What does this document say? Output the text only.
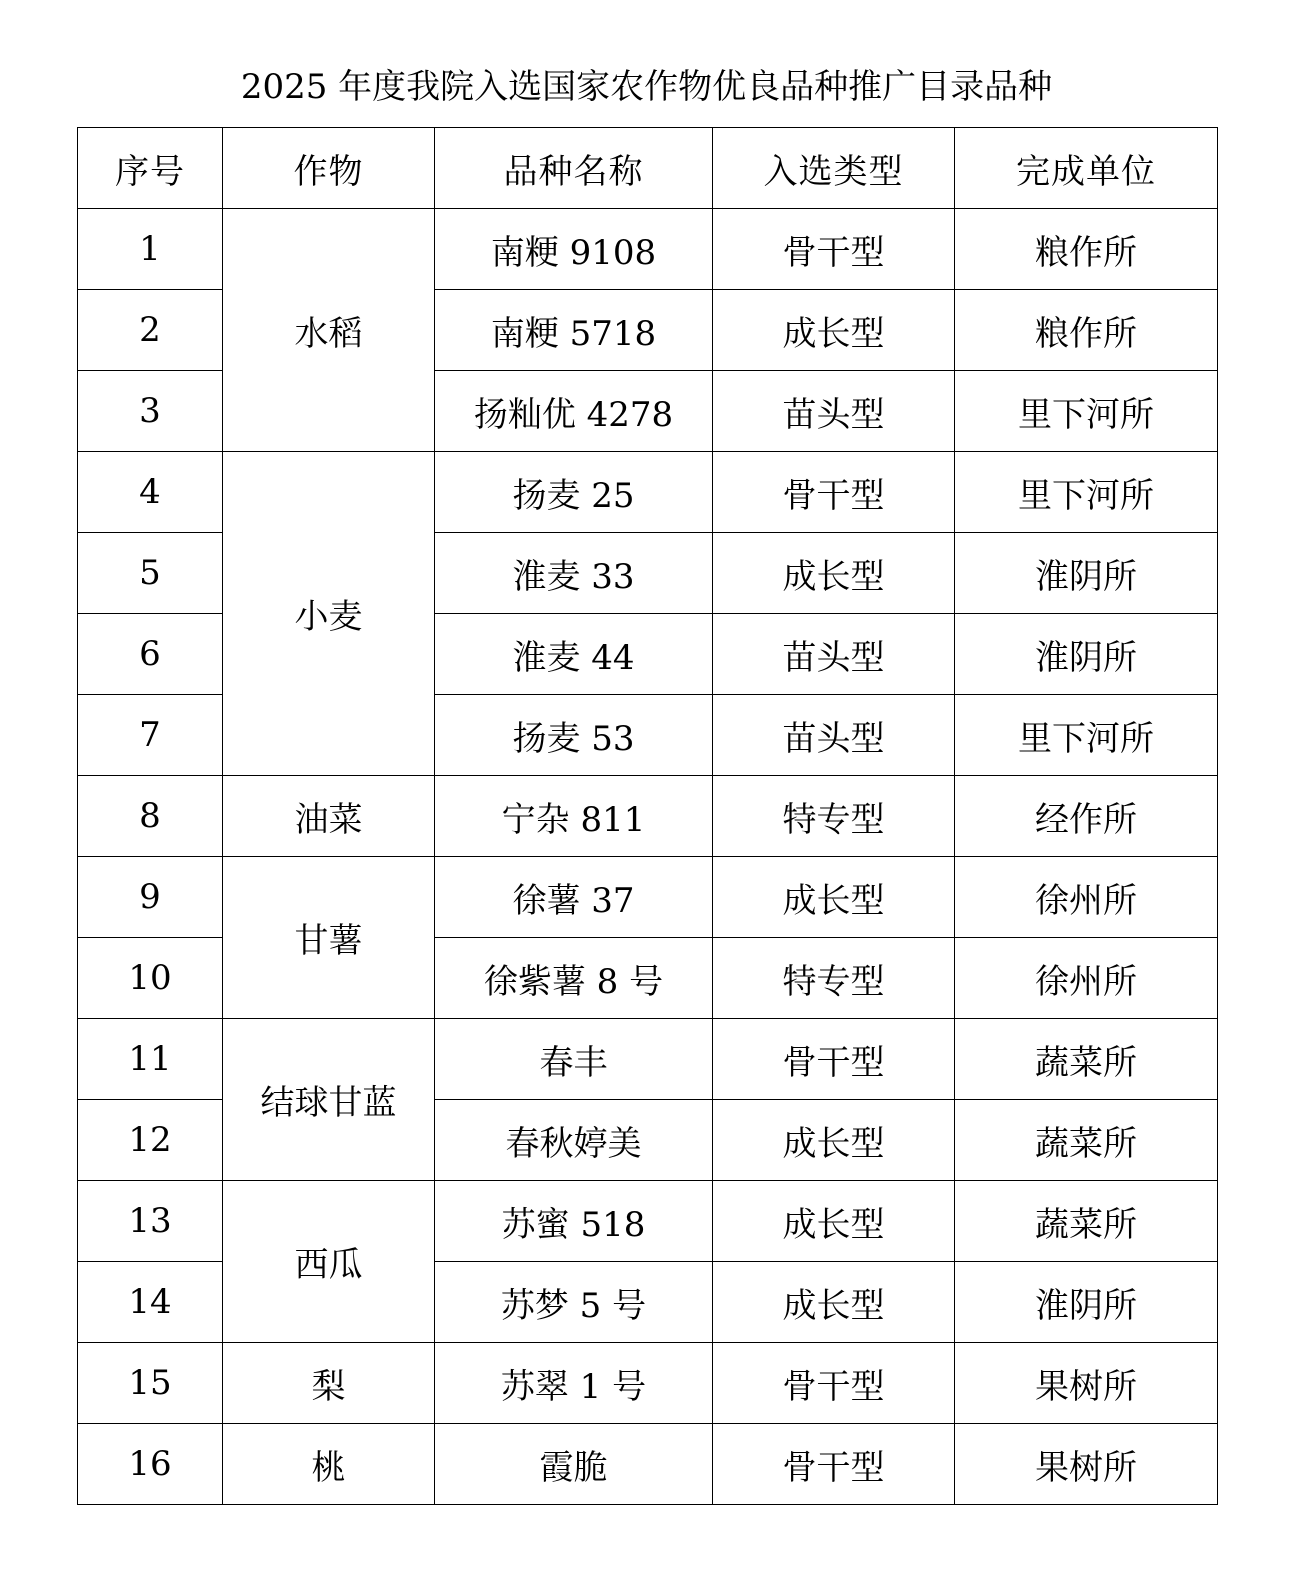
2025 年度我院入选国家农作物优良品种推广目录品种
序号	作物	品种名称	入选类型	完成单位
1	水稻	南粳 9108	骨干型	粮作所
2		南粳 5718	成长型	粮作所
3		扬籼优 4278	苗头型	里下河所
4	小麦	扬麦 25	骨干型	里下河所
5		淮麦 33	成长型	淮阴所
6		淮麦 44	苗头型	淮阴所
7		扬麦 53	苗头型	里下河所
8	油菜	宁杂 811	特专型	经作所
9	甘薯	徐薯 37	成长型	徐州所
10		徐紫薯 8 号	特专型	徐州所
11	结球甘蓝	春丰	骨干型	蔬菜所
12		春秋婷美	成长型	蔬菜所
13	西瓜	苏蜜 518	成长型	蔬菜所
14		苏梦 5 号	成长型	淮阴所
15	梨	苏翠 1 号	骨干型	果树所
16	桃	霞脆	骨干型	果树所
